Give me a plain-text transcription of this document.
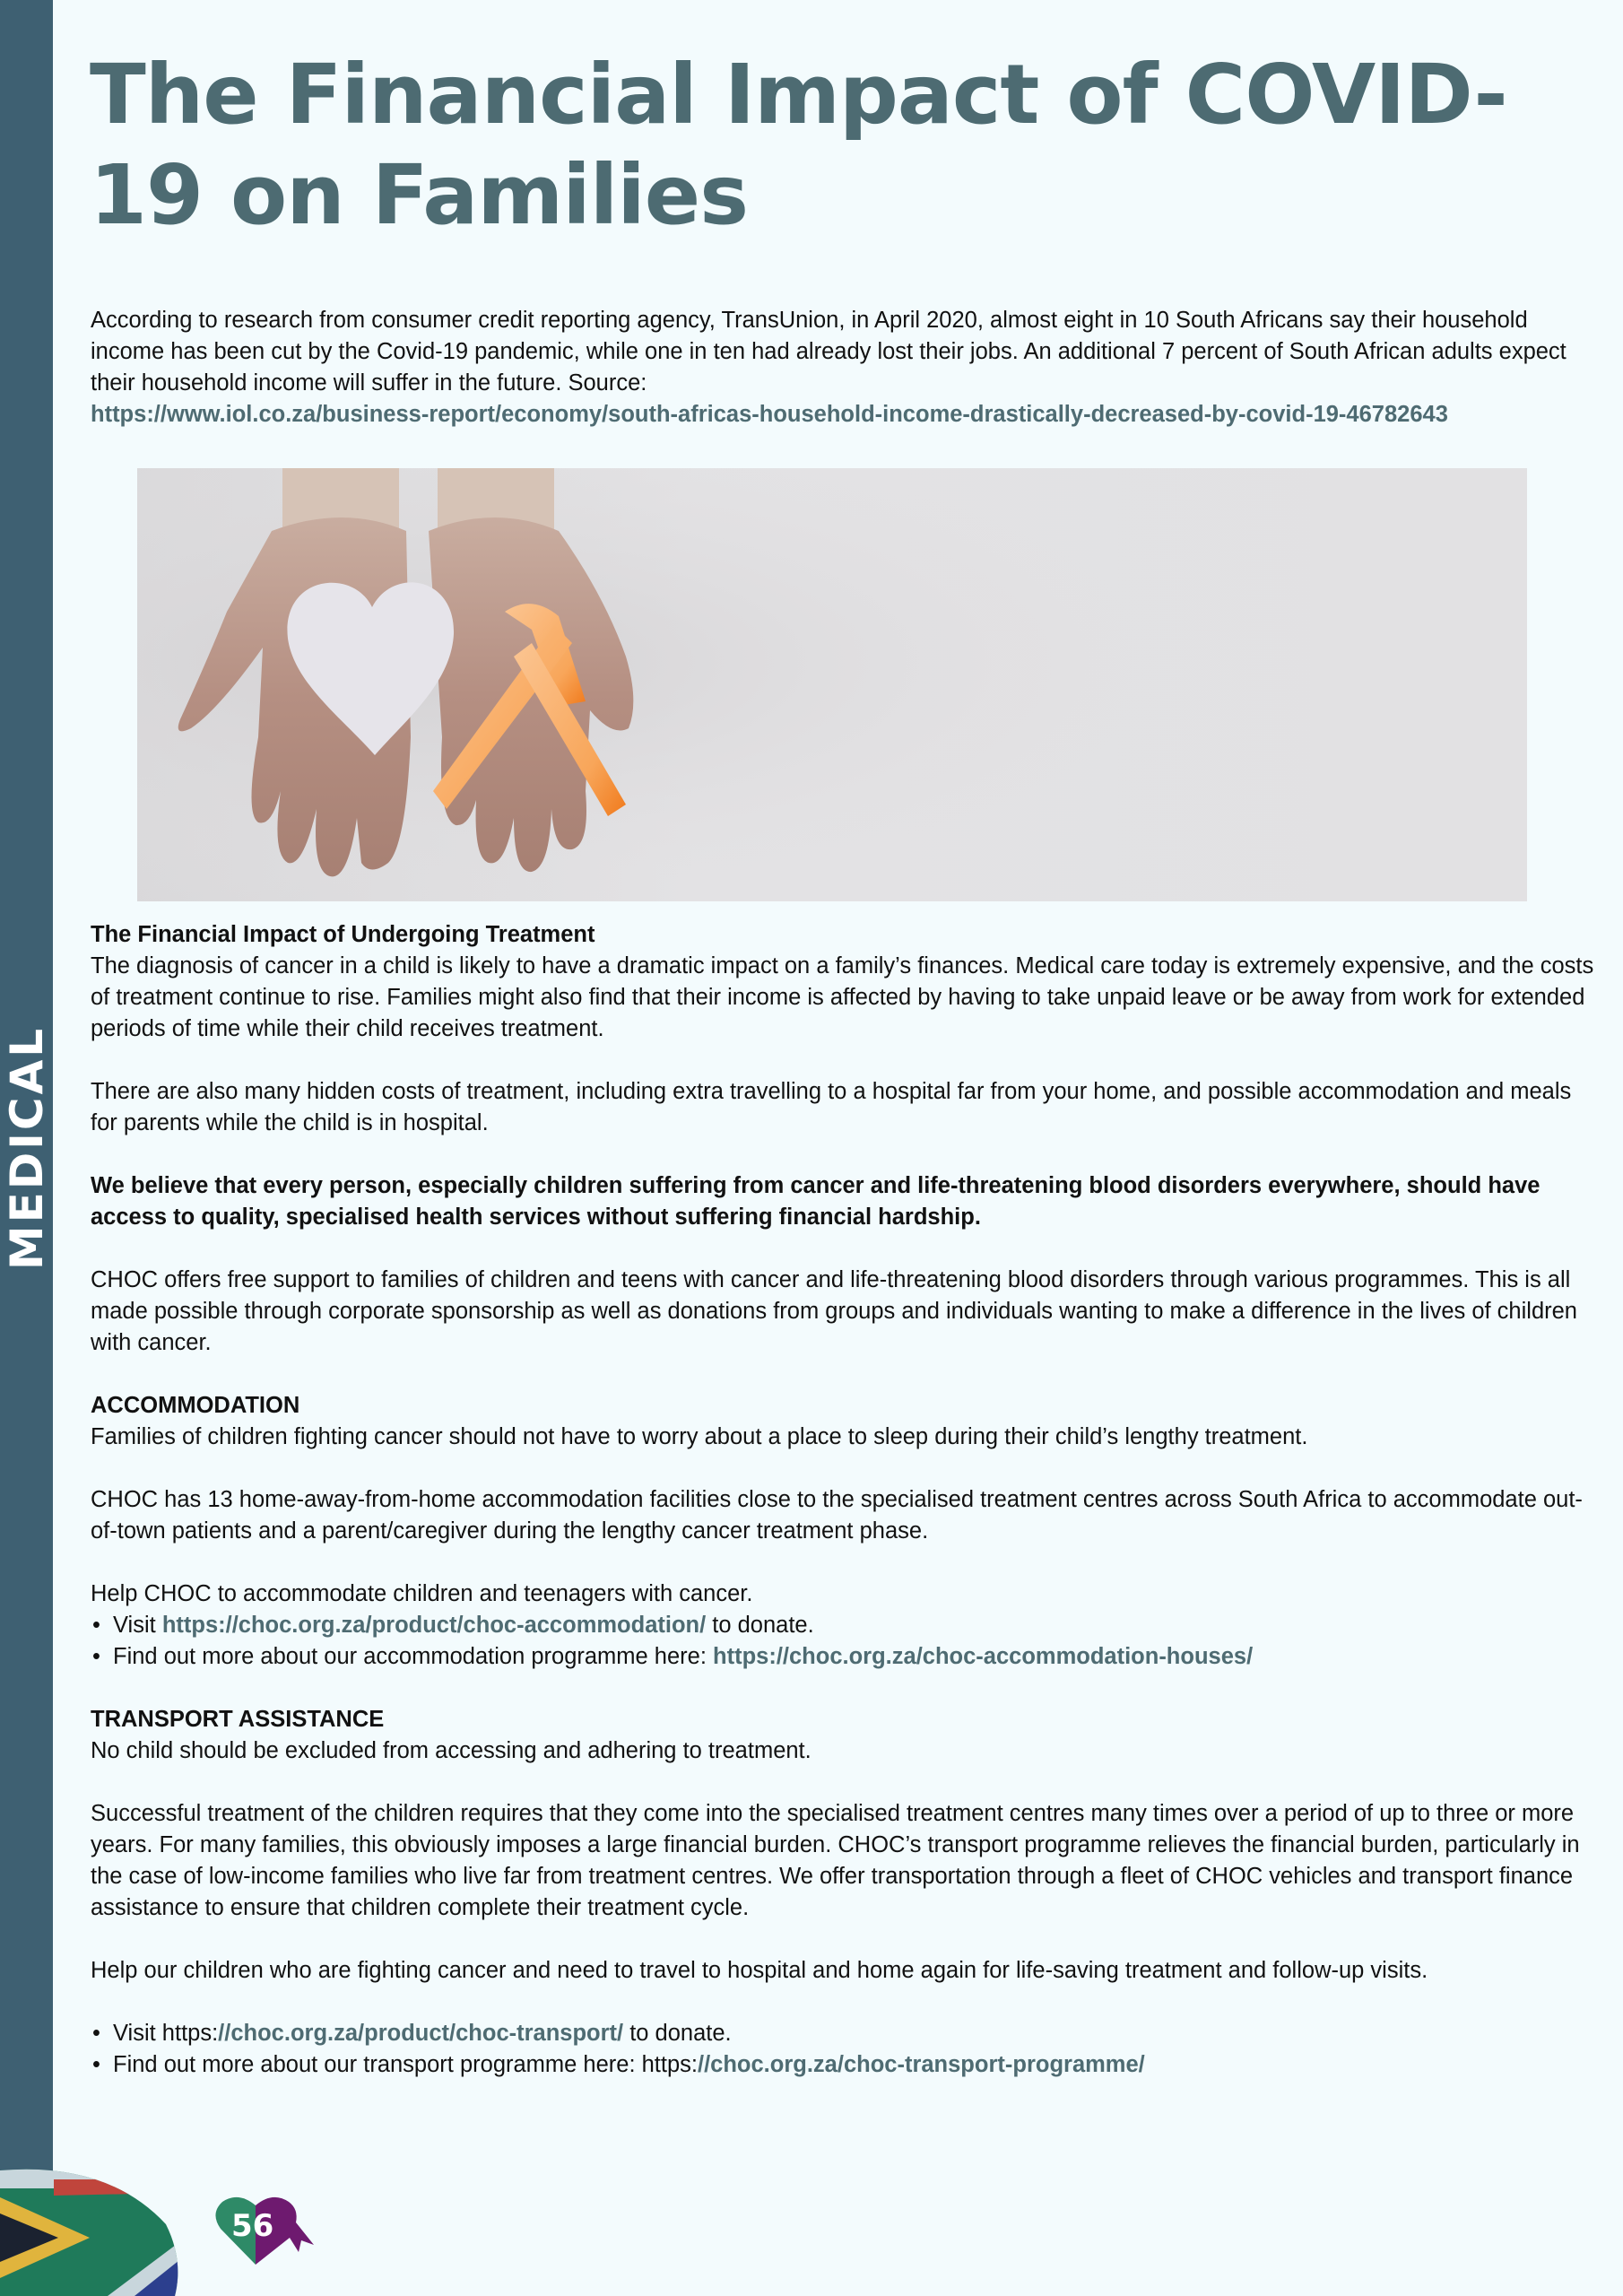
MEDICAL
The Financial Impact of COVID-19 on Families

According to research from consumer credit reporting agency, TransUnion, in April 2020, almost eight in 10 South Africans say their household income has been cut by the Covid-19 pandemic, while one in ten had already lost their jobs. An additional 7 percent of South African adults expect their household income will suffer in the future. Source:
https://www.iol.co.za/business-report/economy/south-africas-household-income-drastically-decreased-by-covid-19-46782643

The Financial Impact of Undergoing Treatment

The diagnosis of cancer in a child is likely to have a dramatic impact on a family’s finances. Medical care today is extremely expensive, and the costs of treatment continue to rise. Families might also find that their income is affected by having to take unpaid leave or be away from work for extended periods of time while their child receives treatment.

There are also many hidden costs of treatment, including extra travelling to a hospital far from your home, and possible accommodation and meals for parents while the child is in hospital.

We believe that every person, especially children suffering from cancer and life-threatening blood disorders everywhere, should have access to quality, specialised health services without suffering financial hardship.

CHOC offers free support to families of children and teens with cancer and life-threatening blood disorders through various programmes. This is all made possible through corporate sponsorship as well as donations from groups and individuals wanting to make a difference in the lives of children with cancer.

ACCOMMODATION

Families of children fighting cancer should not have to worry about a place to sleep during their child’s lengthy treatment.

CHOC has 13 home-away-from-home accommodation facilities close to the specialised treatment centres across South Africa to accommodate out-of-town patients and a parent/caregiver during the lengthy cancer treatment phase.

Help CHOC to accommodate children and teenagers with cancer.

• Visit https://choc.org.za/product/choc-accommodation/ to donate.
• Find out more about our accommodation programme here: https://choc.org.za/choc-accommodation-houses/

TRANSPORT ASSISTANCE

No child should be excluded from accessing and adhering to treatment.

Successful treatment of the children requires that they come into the specialised treatment centres many times over a period of up to three or more years. For many families, this obviously imposes a large financial burden. CHOC’s transport programme relieves the financial burden, particularly in the case of low-income families who live far from treatment centres. We offer transportation through a fleet of CHOC vehicles and transport finance assistance to ensure that children complete their treatment cycle.

Help our children who are fighting cancer and need to travel to hospital and home again for life-saving treatment and follow-up visits.

• Visit https://choc.org.za/product/choc-transport/ to donate.
• Find out more about our transport programme here: https://choc.org.za/choc-transport-programme/
56
